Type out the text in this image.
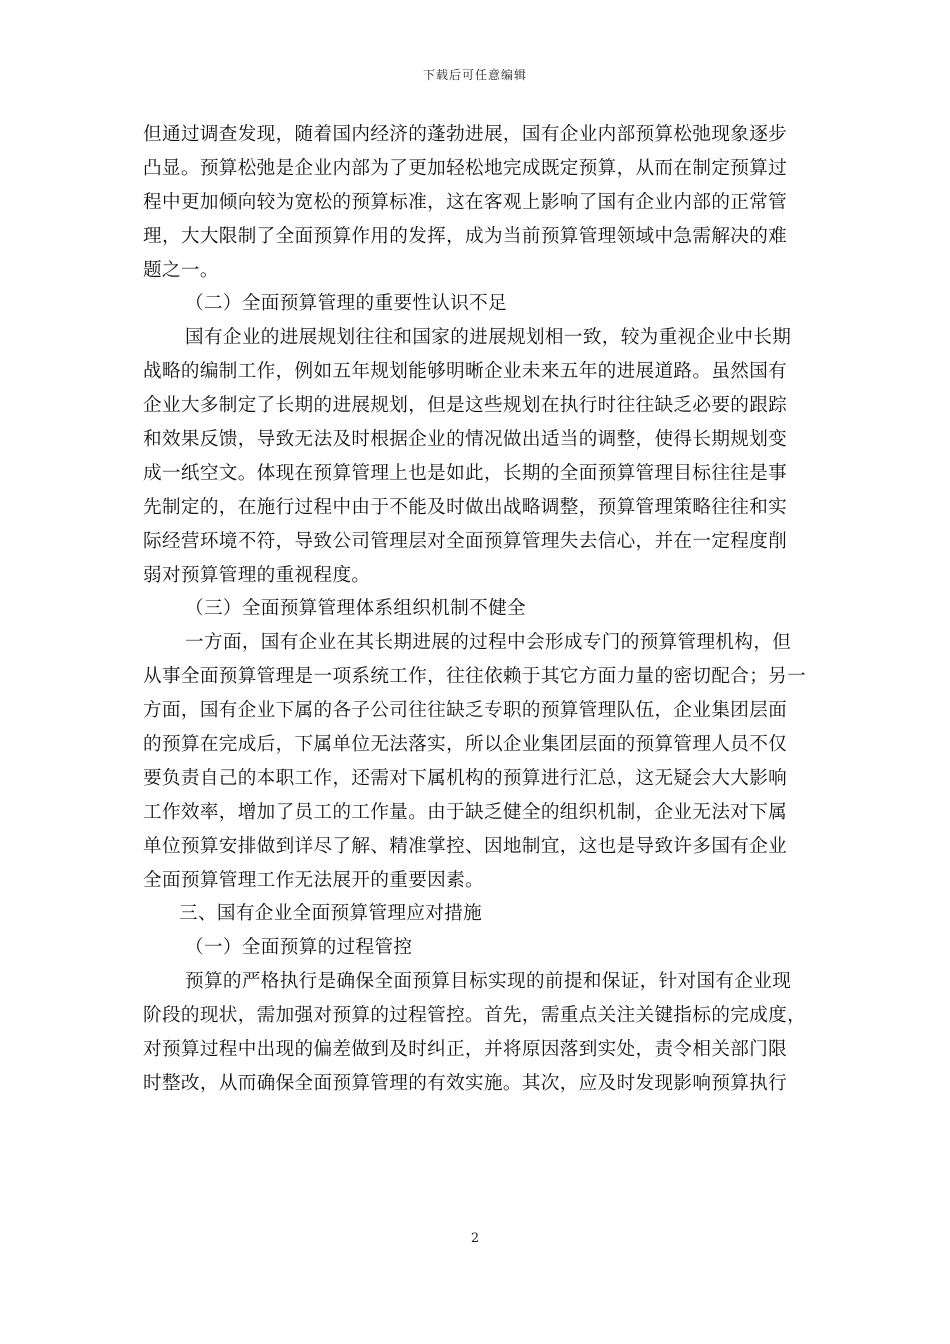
下载后可任意编辑
但通过调查发现，随着国内经济的蓬勃进展，国有企业内部预算松弛现象逐步
凸显。预算松弛是企业内部为了更加轻松地完成既定预算，从而在制定预算过
程中更加倾向较为宽松的预算标准，这在客观上影响了国有企业内部的正常管
理，大大限制了全面预算作用的发挥，成为当前预算管理领域中急需解决的难
题之一。
（二）全面预算管理的重要性认识不足
国有企业的进展规划往往和国家的进展规划相一致，较为重视企业中长期
战略的编制工作，例如五年规划能够明晰企业未来五年的进展道路。虽然国有
企业大多制定了长期的进展规划，但是这些规划在执行时往往缺乏必要的跟踪
和效果反馈，导致无法及时根据企业的情况做出适当的调整，使得长期规划变
成一纸空文。体现在预算管理上也是如此，长期的全面预算管理目标往往是事
先制定的，在施行过程中由于不能及时做出战略调整，预算管理策略往往和实
际经营环境不符，导致公司管理层对全面预算管理失去信心，并在一定程度削
弱对预算管理的重视程度。
（三）全面预算管理体系组织机制不健全
一方面，国有企业在其长期进展的过程中会形成专门的预算管理机构，但
从事全面预算管理是一项系统工作，往往依赖于其它方面力量的密切配合；另一
方面，国有企业下属的各子公司往往缺乏专职的预算管理队伍，企业集团层面
的预算在完成后，下属单位无法落实，所以企业集团层面的预算管理人员不仅
要负责自己的本职工作，还需对下属机构的预算进行汇总，这无疑会大大影响
工作效率，增加了员工的工作量。由于缺乏健全的组织机制，企业无法对下属
单位预算安排做到详尽了解、精准掌控、因地制宜，这也是导致许多国有企业
全面预算管理工作无法展开的重要因素。
三、国有企业全面预算管理应对措施
（一）全面预算的过程管控
预算的严格执行是确保全面预算目标实现的前提和保证，针对国有企业现
阶段的现状，需加强对预算的过程管控。首先，需重点关注关键指标的完成度，
对预算过程中出现的偏差做到及时纠正，并将原因落到实处，责令相关部门限
时整改，从而确保全面预算管理的有效实施。其次，应及时发现影响预算执行
2
